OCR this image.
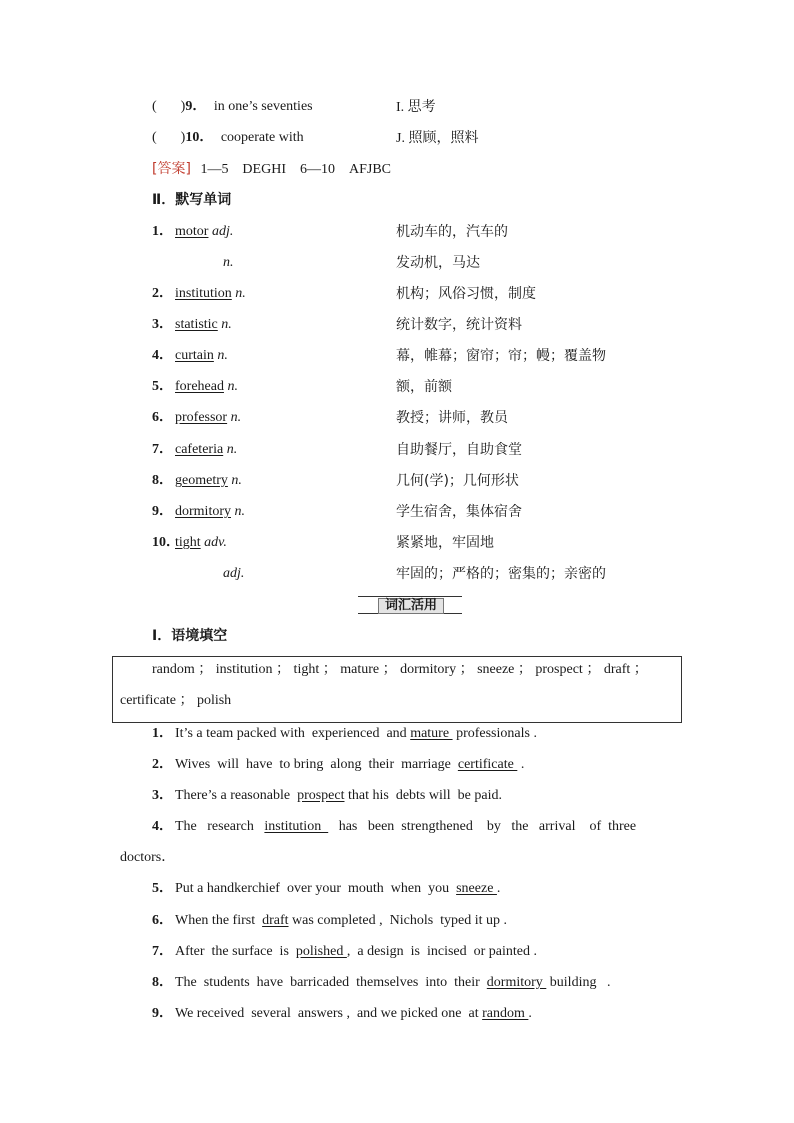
( )9． in one’s seventies	I. 思考
( )10． cooperate with	J. 照顾，照料
[答案] 1—5　DEGHI　6—10　AFJBC
Ⅱ．默写单词
1． motor adj.	机动车的，汽车的
n.	发动机，马达
2． institution n.	机构；风俗习惯，制度
3． statistic n.	统计数字，统计资料
4． curtain n.	幕，帷幕；窗帘；帘；幔；覆盖物
5． forehead n.	额，前额
6． professor n.	教授；讲师，教员
7． cafeteria n.	自助餐厅，自助食堂
8． geometry n.	几何(学)；几何形状
9． dormitory n.	学生宿舍，集体宿舍
10．tight adv.	紧紧地，牢固地
adj.	牢固的；严格的；密集的；亲密的
词汇活用
Ⅰ．语境填空
random ； institution ； tight ； mature ； dormitory ； sneeze ； prospect ； draft ；
certificate ； polish
1． It’s a team packed with  experienced  and mature  professionals .
2． Wives  will  have  to bring  along  their  marriage  certificate  .
3． There’s a reasonable  prospect that his  debts will  be paid.
4． The   research   institution     has   been  strengthened    by   the   arrival    of  three
doctors．
5． Put a handkerchief  over your  mouth  when  you  sneeze .
6． When the first  draft was completed ,  Nichols  typed it up .
7． After  the surface  is  polished ,  a design  is  incised  or painted .
8． The  students  have  barricaded  themselves  into  their  dormitory  building   .
9． We received  several  answers ,  and we picked one  at random .
